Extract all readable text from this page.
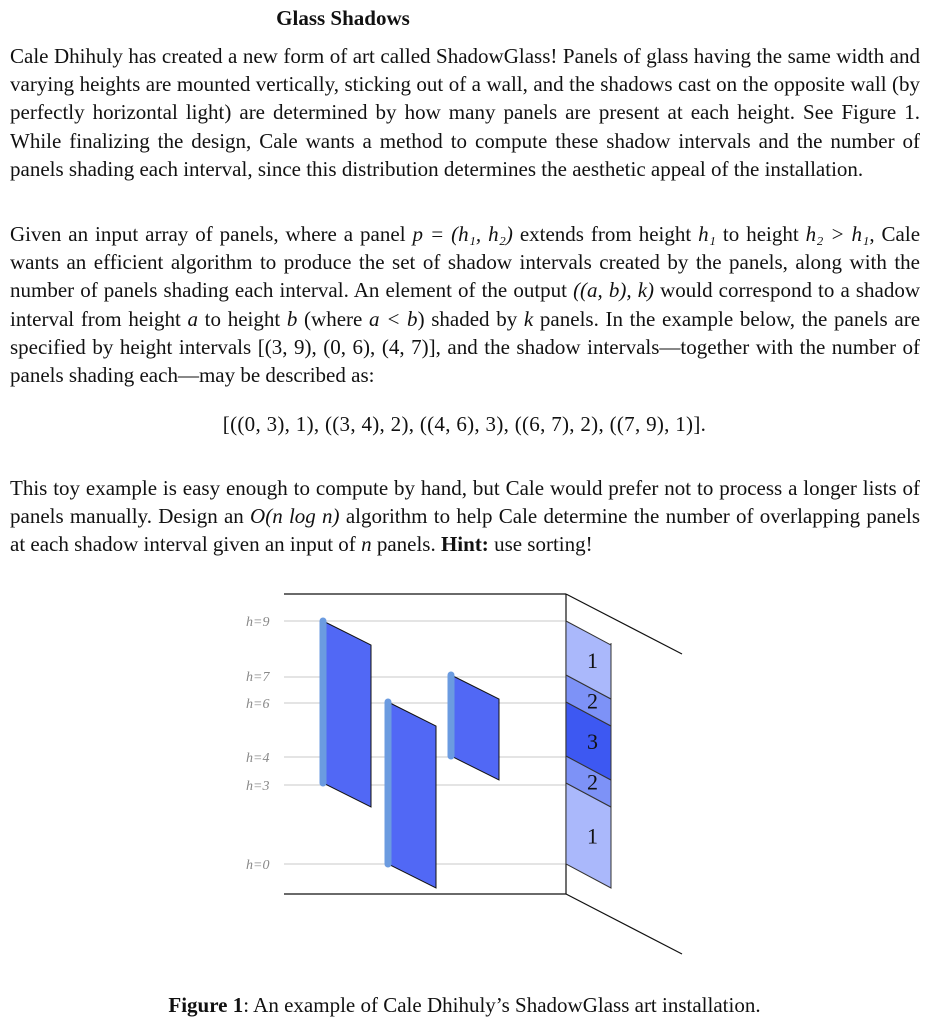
Glass Shadows

Cale Dhihuly has created a new form of art called ShadowGlass! Panels of glass having the same width and varying heights are mounted vertically, sticking out of a wall, and the shadows cast on the opposite wall (by perfectly horizontal light) are determined by how many panels are present at each height. See Figure 1. While finalizing the design, Cale wants a method to compute these shadow intervals and the number of panels shading each interval, since this distribution determines the aesthetic appeal of the installation.

Given an input array of panels, where a panel p = (h₁, h₂) extends from height h₁ to height h₂ > h₁, Cale wants an efficient algorithm to produce the set of shadow intervals created by the panels, along with the number of panels shading each interval. An element of the output ((a, b), k) would correspond to a shadow interval from height a to height b (where a < b) shaded by k panels. In the example below, the panels are specified by height intervals [(3, 9), (0, 6), (4, 7)], and the shadow intervals—together with the number of panels shading each—may be described as:

[((0, 3), 1), ((3, 4), 2), ((4, 6), 3), ((6, 7), 2), ((7, 9), 1)].

This toy example is easy enough to compute by hand, but Cale would prefer not to process a longer lists of panels manually. Design an O(n log n) algorithm to help Cale determine the number of overlapping panels at each shadow interval given an input of n panels. Hint: use sorting!

h=9
h=7
h=6
h=4
h=3
h=0
1
2
3
2
1
Figure 1: An example of Cale Dhihuly’s ShadowGlass art installation.
